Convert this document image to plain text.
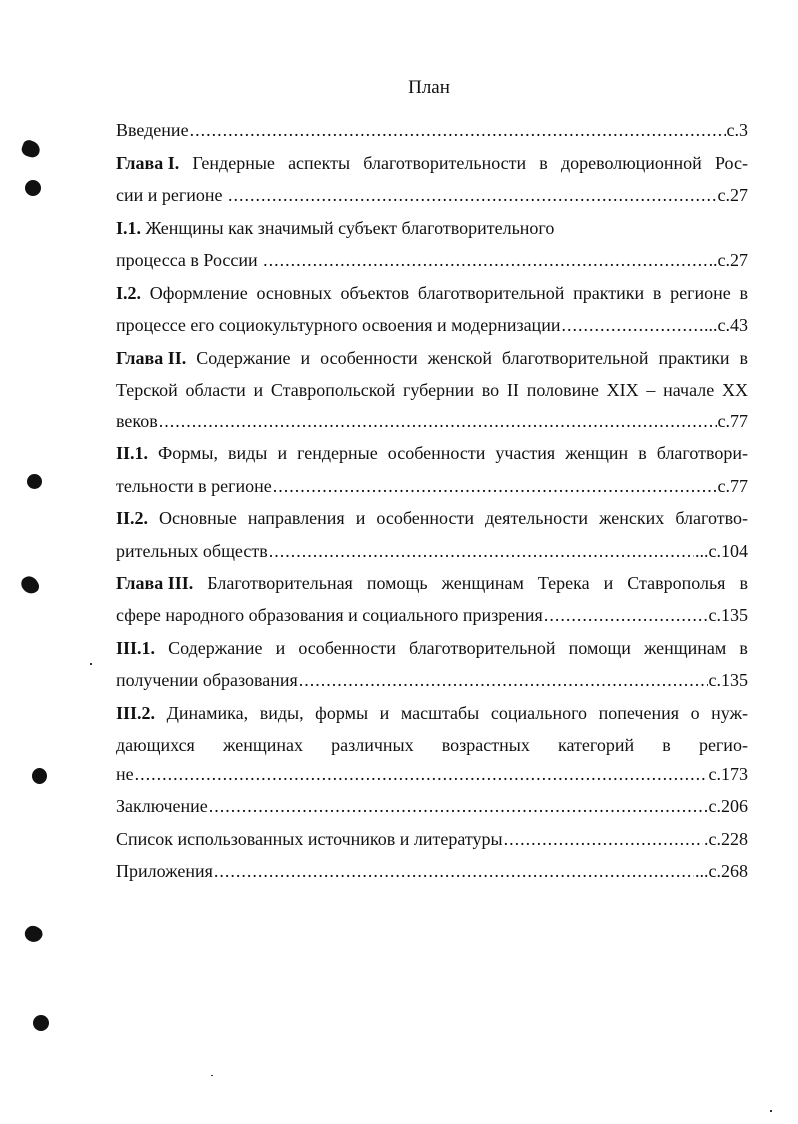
План
Введение .....	с.3
Глава I. Гендерные аспекты благотворительности в дореволюционной Рос-
сии и регионе .....	с.27
I.1. Женщины как значимый субъект благотворительного
процесса в России .....	.с.27
I.2. Оформление основных объектов благотворительной практики в регионе в
процессе его социокультурного освоения и модернизации .....	...с.43
Глава II. Содержание и особенности женской благотворительной практики в
Терской области и Ставропольской губернии во II половине XIX – начале XX
веков .....	с.77
II.1. Формы, виды и гендерные особенности участия женщин в благотвори-
тельности в регионе .....	с.77
II.2. Основные направления и особенности деятельности женских благотво-
рительных обществ .....	...с.104
Глава III. Благотворительная помощь женщинам Терека и Ставрополья в
сфере народного образования и социального призрения .....	с.135
III.1. Содержание и особенности благотворительной помощи женщинам в
получении образования .....	с.135
III.2. Динамика, виды, формы и масштабы социального попечения о нуж-
дающихся женщинах различных возрастных категорий в регио-
не .....	с.173
Заключение .....	с.206
Список использованных источников и литературы .....	.с.228
Приложения .....	...с.268
